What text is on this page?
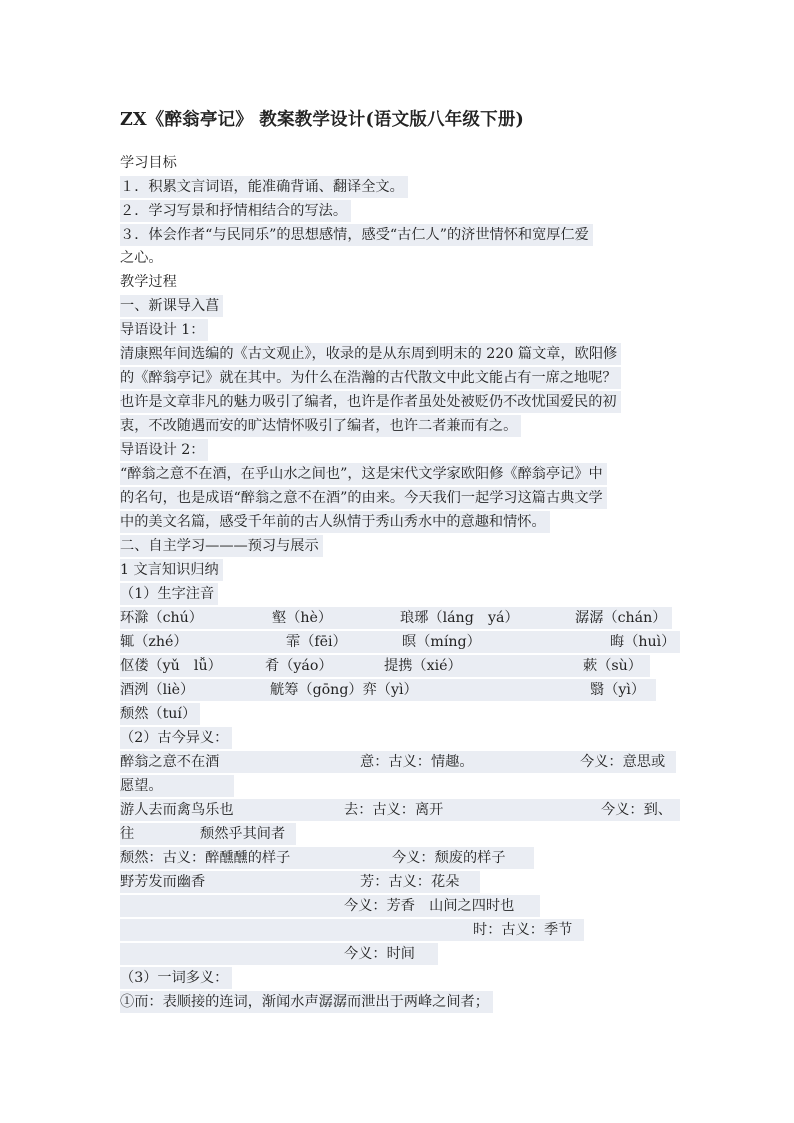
ZX《醉翁亭记》 教案教学设计(语文版八年级下册)
学习目标
１．积累文言词语，能准确背诵、翻译全文。
２．学习写景和抒情相结合的写法。
３．体会作者“与民同乐”的思想感情，感受“古仁人”的济世情怀和宽厚仁爱
之心。
教学过程
一、新课导入菖
导语设计 1：
清康熙年间选编的《古文观止》，收录的是从东周到明末的 220 篇文章，欧阳修
的《醉翁亭记》就在其中。为什么在浩瀚的古代散文中此文能占有一席之地呢？
也许是文章非凡的魅力吸引了编者，也许是作者虽处处被贬仍不改忧国爱民的初
衷，不改随遇而安的旷达情怀吸引了编者，也许二者兼而有之。
导语设计 2：
“醉翁之意不在酒，在乎山水之间也”，这是宋代文学家欧阳修《醉翁亭记》中
的名句，也是成语“醉翁之意不在酒”的由来。今天我们一起学习这篇古典文学
中的美文名篇，感受千年前的古人纵情于秀山秀水中的意趣和情怀。
二、自主学习———预习与展示
1 文言知识归纳
（1）生字注音
环滁（chú）	壑（hè）	琅琊（láng　yá）	潺潺（chán）
辄（zhé）	霏（fēi）	暝（míng）	晦（huì）
伛偻（yǔ　lǚ）	肴（yáo）	提携（xié）	蔌（sù）
酒洌（liè）	觥筹（gōng）弈（yì）	翳（yì）
颓然（tuí）
（2）古今异义：
醉翁之意不在酒	意：古义：情趣。	今义：意思或
愿望。
游人去而禽鸟乐也	去：古义：离开	今义：到、
往	颓然乎其间者
颓然：古义：醉醺醺的样子	今义：颓废的样子
野芳发而幽香	芳：古义：花朵
今义：芳香　山间之四时也
时：古义：季节
今义：时间
（3）一词多义：
①而：表顺接的连词，渐闻水声潺潺而泄出于两峰之间者；
